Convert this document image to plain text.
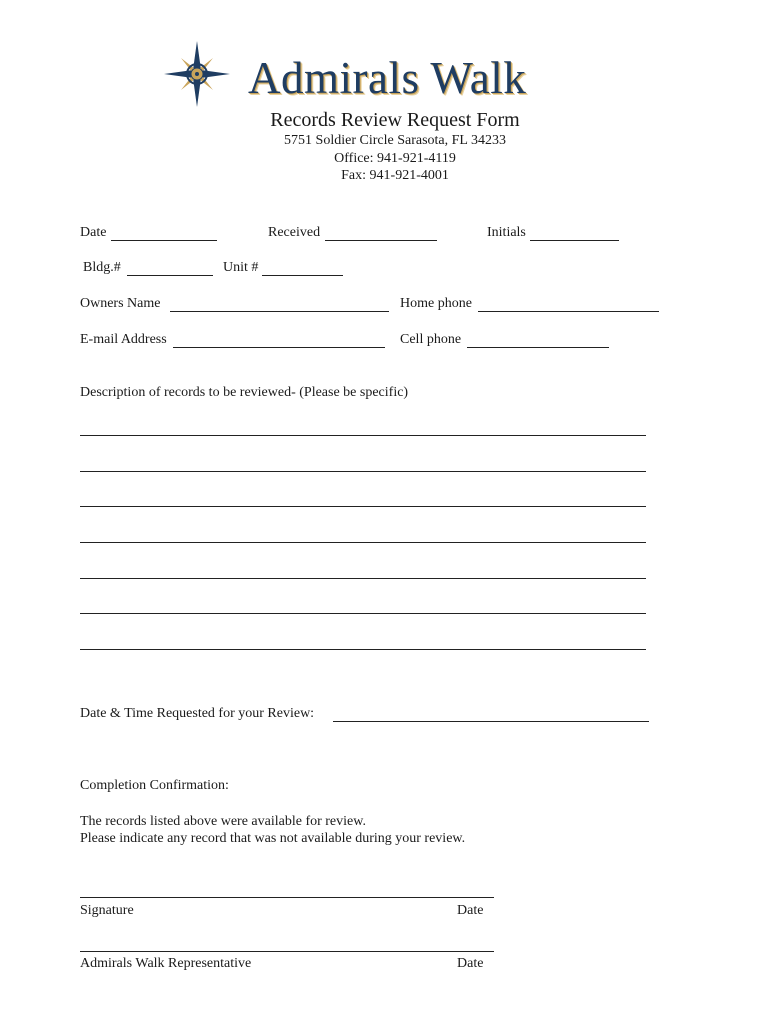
Admirals Walk
Records Review Request Form
5751 Soldier Circle Sarasota, FL 34233
Office: 941-921-4119
Fax: 941-921-4001
Date	Received	Initials
Bldg.#	Unit #
Owners Name	Home phone
E-mail Address	Cell phone
Description of records to be reviewed- (Please be specific)
Date & Time Requested for your Review:
Completion Confirmation:
The records listed above were available for review.
Please indicate any record that was not available during your review.
Signature	Date
Admirals Walk Representative	Date
